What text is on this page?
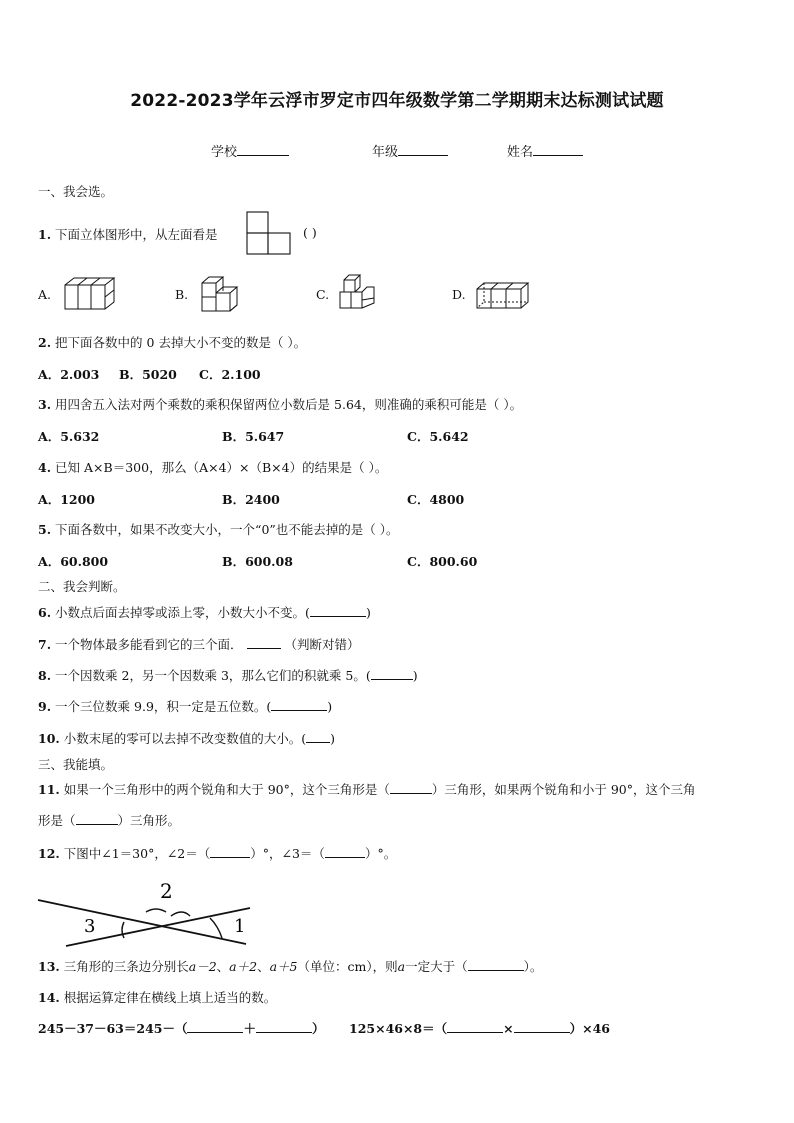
2022-2023学年云浮市罗定市四年级数学第二学期期末达标测试试题
学校	年级	姓名
一、我会选。
1. 下面立体图形中，从左面看是	( )
A.	B.	C.	D.
2. 把下面各数中的 0 去掉大小不变的数是（ ）。
A．2.003 B．5020 C．2.100
3. 用四舍五入法对两个乘数的乘积保留两位小数后是 5.64，则准确的乘积可能是（ ）。
A．5.632	B．5.647	C．5.642
4. 已知 A×B＝300，那么（A×4）×（B×4）的结果是（ ）。
A．1200	B．2400	C．4800
5. 下面各数中，如果不改变大小，一个“0”也不能去掉的是（ ）。
A．60.800	B．600.08	C．800.60
二、我会判断。
6. 小数点后面去掉零或添上零，小数大小不变。(	)
7. 一个物体最多能看到它的三个面．	（判断对错）
8. 一个因数乘 2，另一个因数乘 3，那么它们的积就乘 5。(	)
9. 一个三位数乘 9.9，积一定是五位数。(	)
10. 小数末尾的零可以去掉不改变数值的大小。( )
三、我能填。
11. 如果一个三角形中的两个锐角和大于 90°，这个三角形是（	）三角形，如果两个锐角和小于 90°，这个三角
形是（	）三角形。
12. 下图中∠1＝30°，∠2＝（	）°，∠3＝（	）°。
2
3	1
13. 三角形的三条边分别长a－2、a＋2、a＋5（单位：cm），则a一定大于（	）。
14. 根据运算定律在横线上填上适当的数。
245－37－63＝245－（	＋	） 125×46×8＝（	×	）×46
